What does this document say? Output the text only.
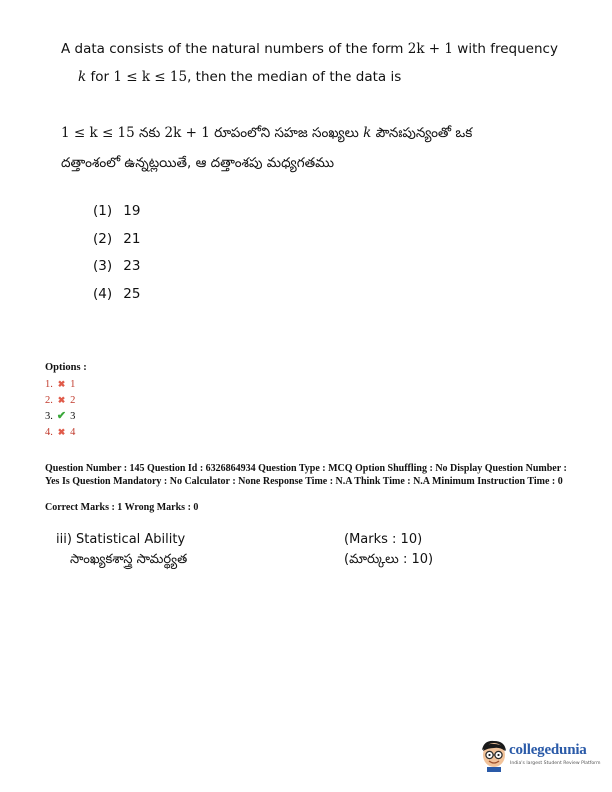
A data consists of the natural numbers of the form 2k + 1 with frequency
k for 1 ≤ k ≤ 15, then the median of the data is
1 ≤ k ≤ 15 నకు 2k + 1 రూపంలోని సహజ సంఖ్యలు k పౌనఃపున్యంతో ఒక
దత్తాంశంలో ఉన్నట్లయితే, ఆ దత్తాంశపు మధ్యగతము
(1) 19
(2) 21
(3) 23
(4) 25
Options :
1. ✖ 1
2. ✖ 2
3. ✔ 3
4. ✖ 4
Question Number : 145 Question Id : 6326864934 Question Type : MCQ Option Shuffling : No Display Question Number : Yes Is Question Mandatory : No Calculator : None Response Time : N.A Think Time : N.A Minimum Instruction Time : 0
Correct Marks : 1 Wrong Marks : 0
iii) Statistical Ability
సాంఖ్యకశాస్త్ర సామర్థ్యత
(Marks : 10)
(మార్కులు : 10)
collegedunia
India's largest Student Review Platform
